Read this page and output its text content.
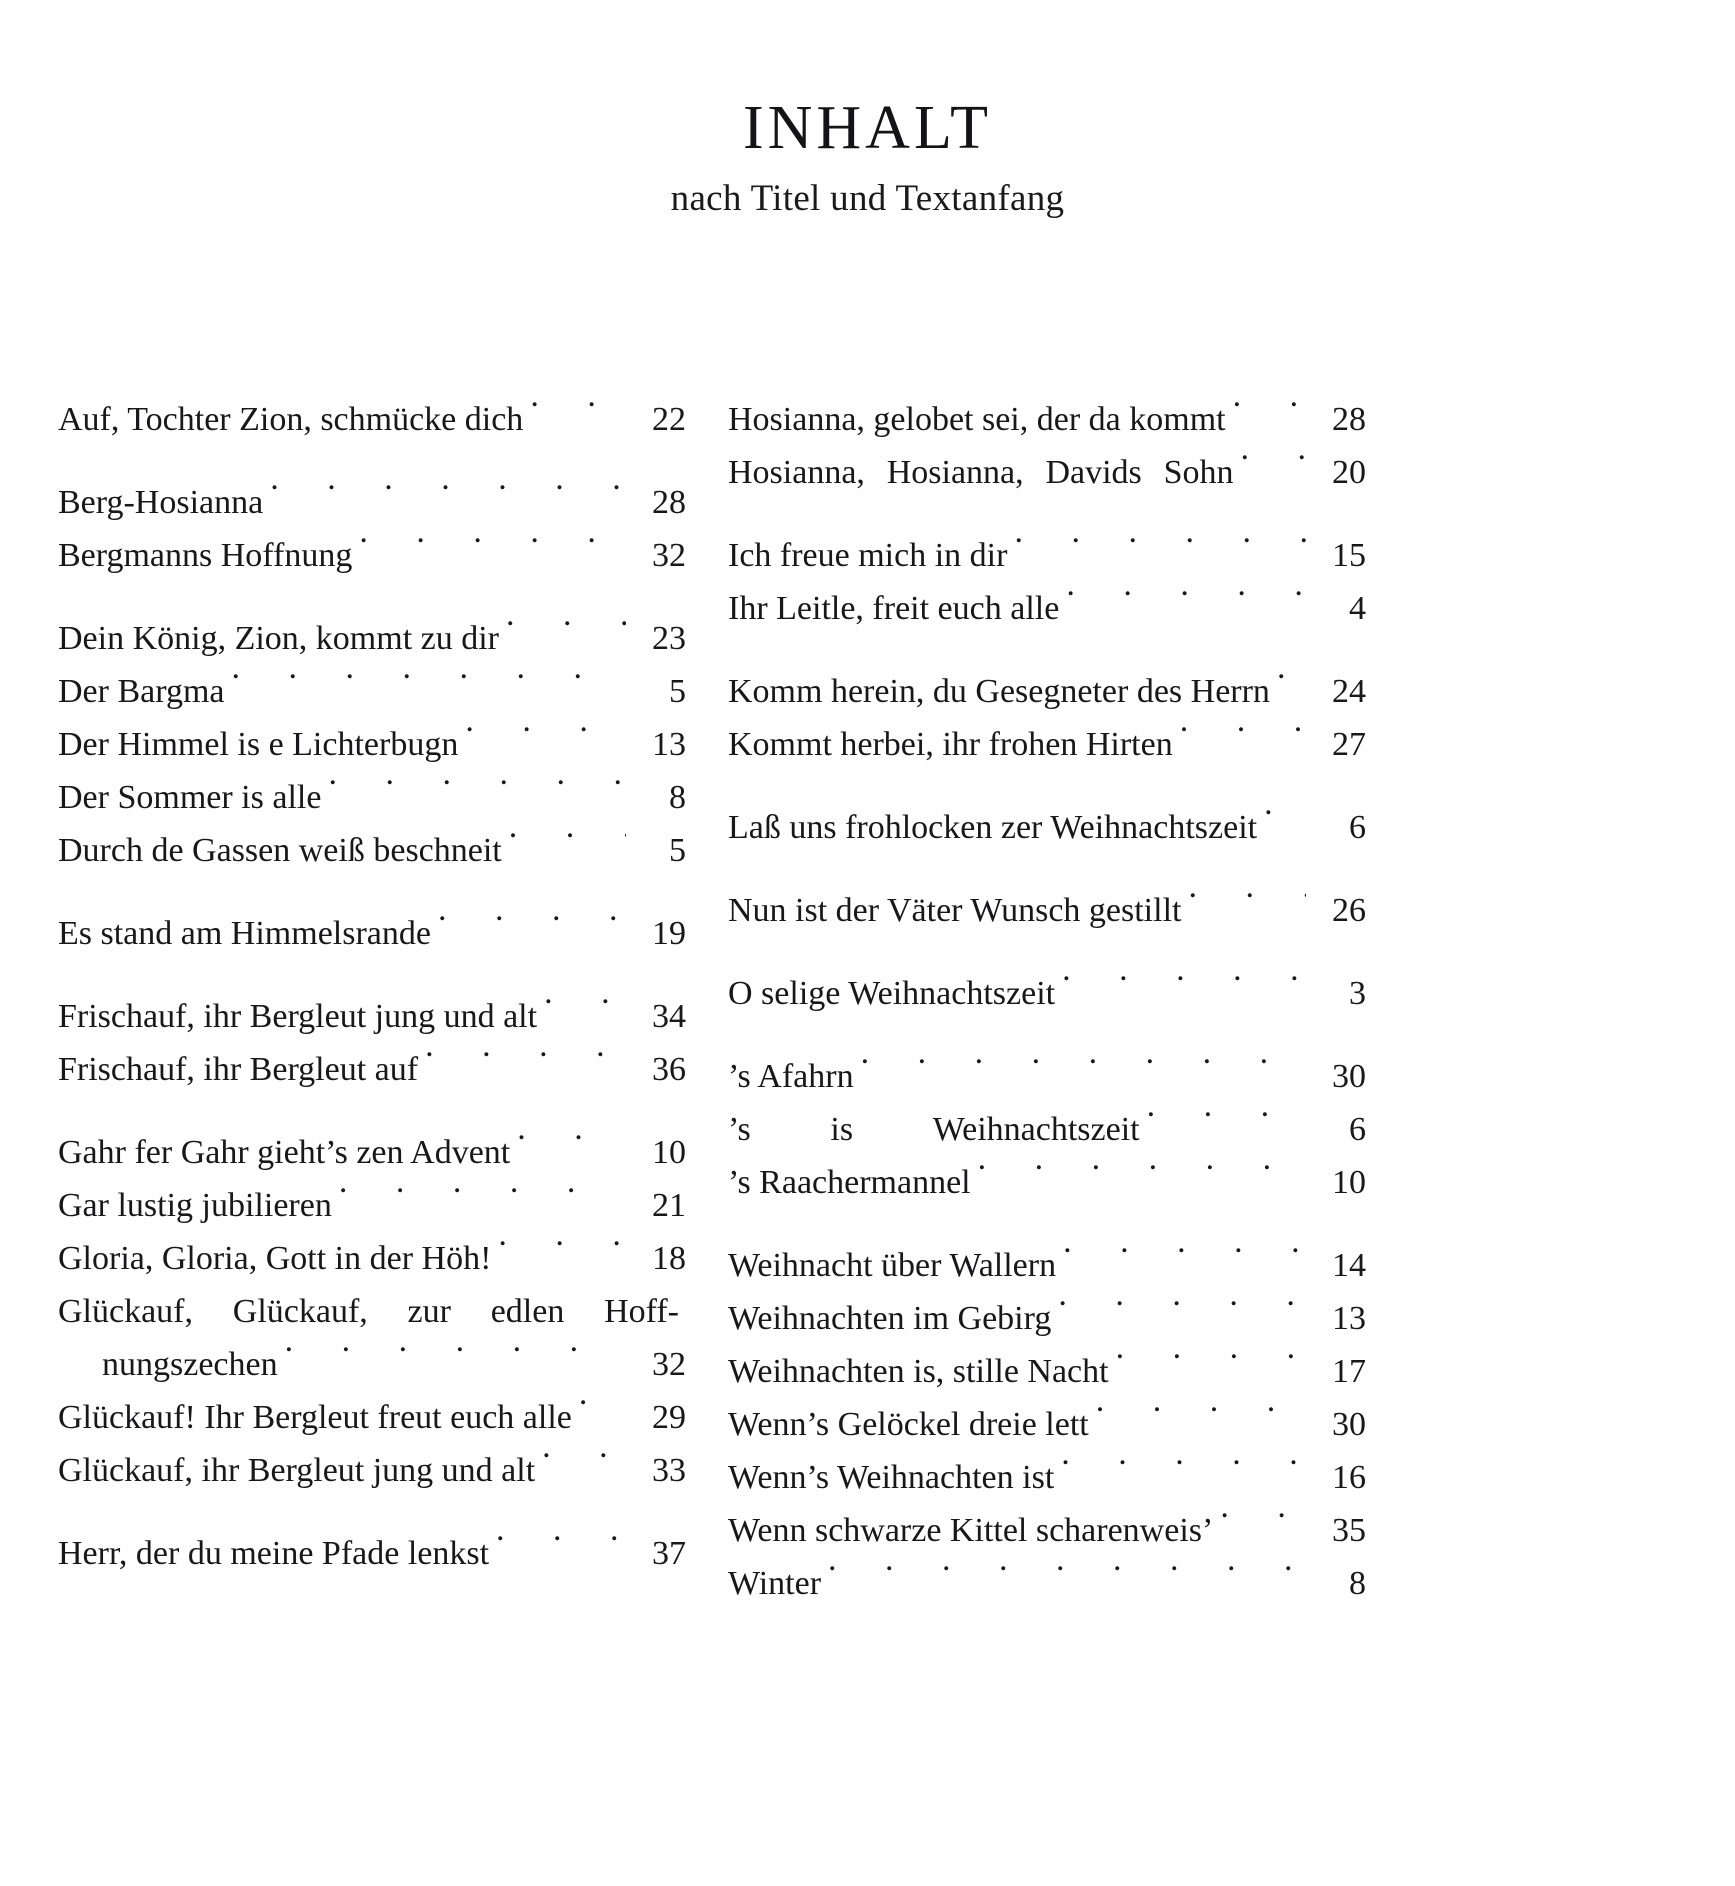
INHALT
nach Titel und Textanfang
Auf, Tochter Zion, schmücke dich . . .	22
Berg-Hosianna . . .	28
Bergmanns Hoffnung . . .	32
Dein König, Zion, kommt zu dir . . .	23
Der Bargma . . .	5
Der Himmel is e Lichterbugn . . .	13
Der Sommer is alle . . .	8
Durch de Gassen weiß beschneit . . .	5
Es stand am Himmelsrande . . .	19
Frischauf, ihr Bergleut jung und alt . . .	34
Frischauf, ihr Bergleut auf . . .	36
Gahr fer Gahr gieht’s zen Advent . . .	10
Gar lustig jubilieren . . .	21
Gloria, Gloria, Gott in der Höh! . . .	18
Glückauf, Glückauf, zur edlen Hoff-
nungszechen . . .	32
Glückauf! Ihr Bergleut freut euch alle . . .	29
Glückauf, ihr Bergleut jung und alt . . .	33
Herr, der du meine Pfade lenkst . . .	37
Hosianna, gelobet sei, der da kommt . . .	28
Hosianna, Hosianna, Davids Sohn . . .	20
Ich freue mich in dir . . .	15
Ihr Leitle, freit euch alle . . .	4
Komm herein, du Gesegneter des Herrn . . .	24
Kommt herbei, ihr frohen Hirten . . .	27
Laß uns frohlocken zer Weihnachtszeit . . .	6
Nun ist der Väter Wunsch gestillt . . .	26
O selige Weihnachtszeit . . .	3
’s Afahrn . . .	30
’s is Weihnachtszeit . . .	6
’s Raachermannel . . .	10
Weihnacht über Wallern . . .	14
Weihnachten im Gebirg . . .	13
Weihnachten is, stille Nacht . . .	17
Wenn’s Gelöckel dreie lett . . .	30
Wenn’s Weihnachten ist . . .	16
Wenn schwarze Kittel scharenweis’ . . .	35
Winter . . .	8
